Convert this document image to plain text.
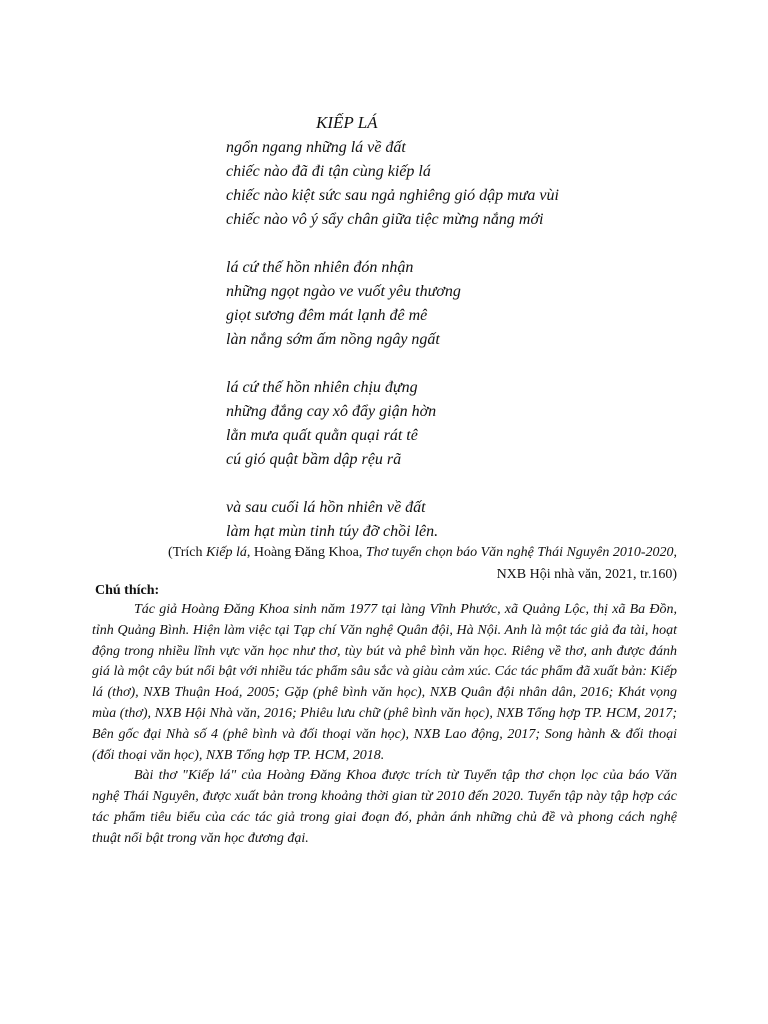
KIẾP LÁ
ngổn ngang những lá về đất
chiếc nào đã đi tận cùng kiếp lá
chiếc nào kiệt sức sau ngả nghiêng gió dập mưa vùi
chiếc nào vô ý sẩy chân giữa tiệc mừng nắng mới
lá cứ thế hồn nhiên đón nhận
những ngọt ngào ve vuốt yêu thương
giọt sương đêm mát lạnh đê mê
làn nắng sớm ấm nồng ngây ngất
lá cứ thế hồn nhiên chịu đựng
những đắng cay xô đẩy giận hờn
lằn mưa quất quằn quại rát tê
cú gió quật bầm dập rệu rã
và sau cuối lá hồn nhiên về đất
làm hạt mùn tinh túy đỡ chồi lên.
(Trích Kiếp lá, Hoàng Đăng Khoa, Thơ tuyển chọn báo Văn nghệ Thái Nguyên 2010-2020,
NXB Hội nhà văn, 2021, tr.160)
Chú thích:

Tác giả Hoàng Đăng Khoa sinh năm 1977 tại làng Vĩnh Phước, xã Quảng Lộc, thị xã Ba Đồn, tỉnh Quảng Bình. Hiện làm việc tại Tạp chí Văn nghệ Quân đội, Hà Nội. Anh là một tác giả đa tài, hoạt động trong nhiều lĩnh vực văn học như thơ, tùy bút và phê bình văn học. Riêng về thơ, anh được đánh giá là một cây bút nổi bật với nhiều tác phẩm sâu sắc và giàu cảm xúc. Các tác phẩm đã xuất bản: Kiếp lá (thơ), NXB Thuận Hoá, 2005; Gặp (phê bình văn học), NXB Quân đội nhân dân, 2016; Khát vọng mùa (thơ), NXB Hội Nhà văn, 2016; Phiêu lưu chữ (phê bình văn học), NXB Tổng hợp TP. HCM, 2017; Bên gốc đại Nhà số 4 (phê bình và đối thoại văn học), NXB Lao động, 2017; Song hành & đối thoại (đối thoại văn học), NXB Tổng hợp TP. HCM, 2018.

Bài thơ "Kiếp lá" của Hoàng Đăng Khoa được trích từ Tuyển tập thơ chọn lọc của báo Văn nghệ Thái Nguyên, được xuất bản trong khoảng thời gian từ 2010 đến 2020. Tuyển tập này tập hợp các tác phẩm tiêu biểu của các tác giả trong giai đoạn đó, phản ánh những chủ đề và phong cách nghệ thuật nổi bật trong văn học đương đại.
